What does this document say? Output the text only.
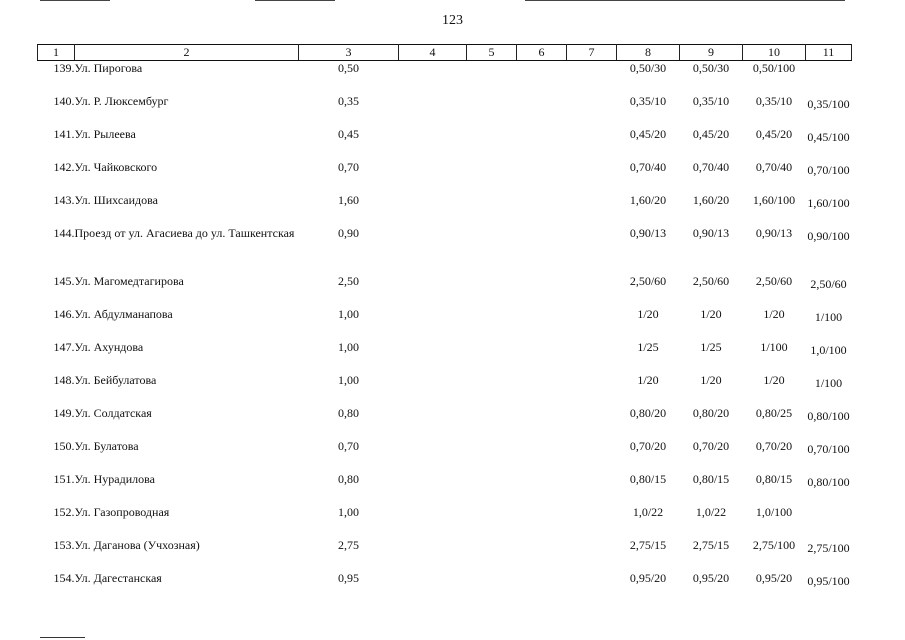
123
1	2	3	4	5	6	7	8	9	10	11
139.	Ул. Пирогова	0,50					0,50/30	0,50/30	0,50/100	
140.	Ул. Р. Люксембург	0,35					0,35/10	0,35/10	0,35/10	0,35/100
141.	Ул. Рылеева	0,45					0,45/20	0,45/20	0,45/20	0,45/100
142.	Ул. Чайковского	0,70					0,70/40	0,70/40	0,70/40	0,70/100
143.	Ул. Шихсаидова	1,60					1,60/20	1,60/20	1,60/100	1,60/100
144.	Проезд от ул. Агасиева до ул. Ташкентская	0,90					0,90/13	0,90/13	0,90/13	0,90/100
145.	Ул. Магомедтагирова	2,50					2,50/60	2,50/60	2,50/60	2,50/60
146.	Ул. Абдулманапова	1,00					1/20	1/20	1/20	1/100
147.	Ул. Ахундова	1,00					1/25	1/25	1/100	1,0/100
148.	Ул. Бейбулатова	1,00					1/20	1/20	1/20	1/100
149.	Ул. Солдатская	0,80					0,80/20	0,80/20	0,80/25	0,80/100
150.	Ул. Булатова	0,70					0,70/20	0,70/20	0,70/20	0,70/100
151.	Ул. Нурадилова	0,80					0,80/15	0,80/15	0,80/15	0,80/100
152.	Ул. Газопроводная	1,00					1,0/22	1,0/22	1,0/100	
153.	Ул. Даганова (Учхозная)	2,75					2,75/15	2,75/15	2,75/100	2,75/100
154.	Ул. Дагестанская	0,95					0,95/20	0,95/20	0,95/20	0,95/100
